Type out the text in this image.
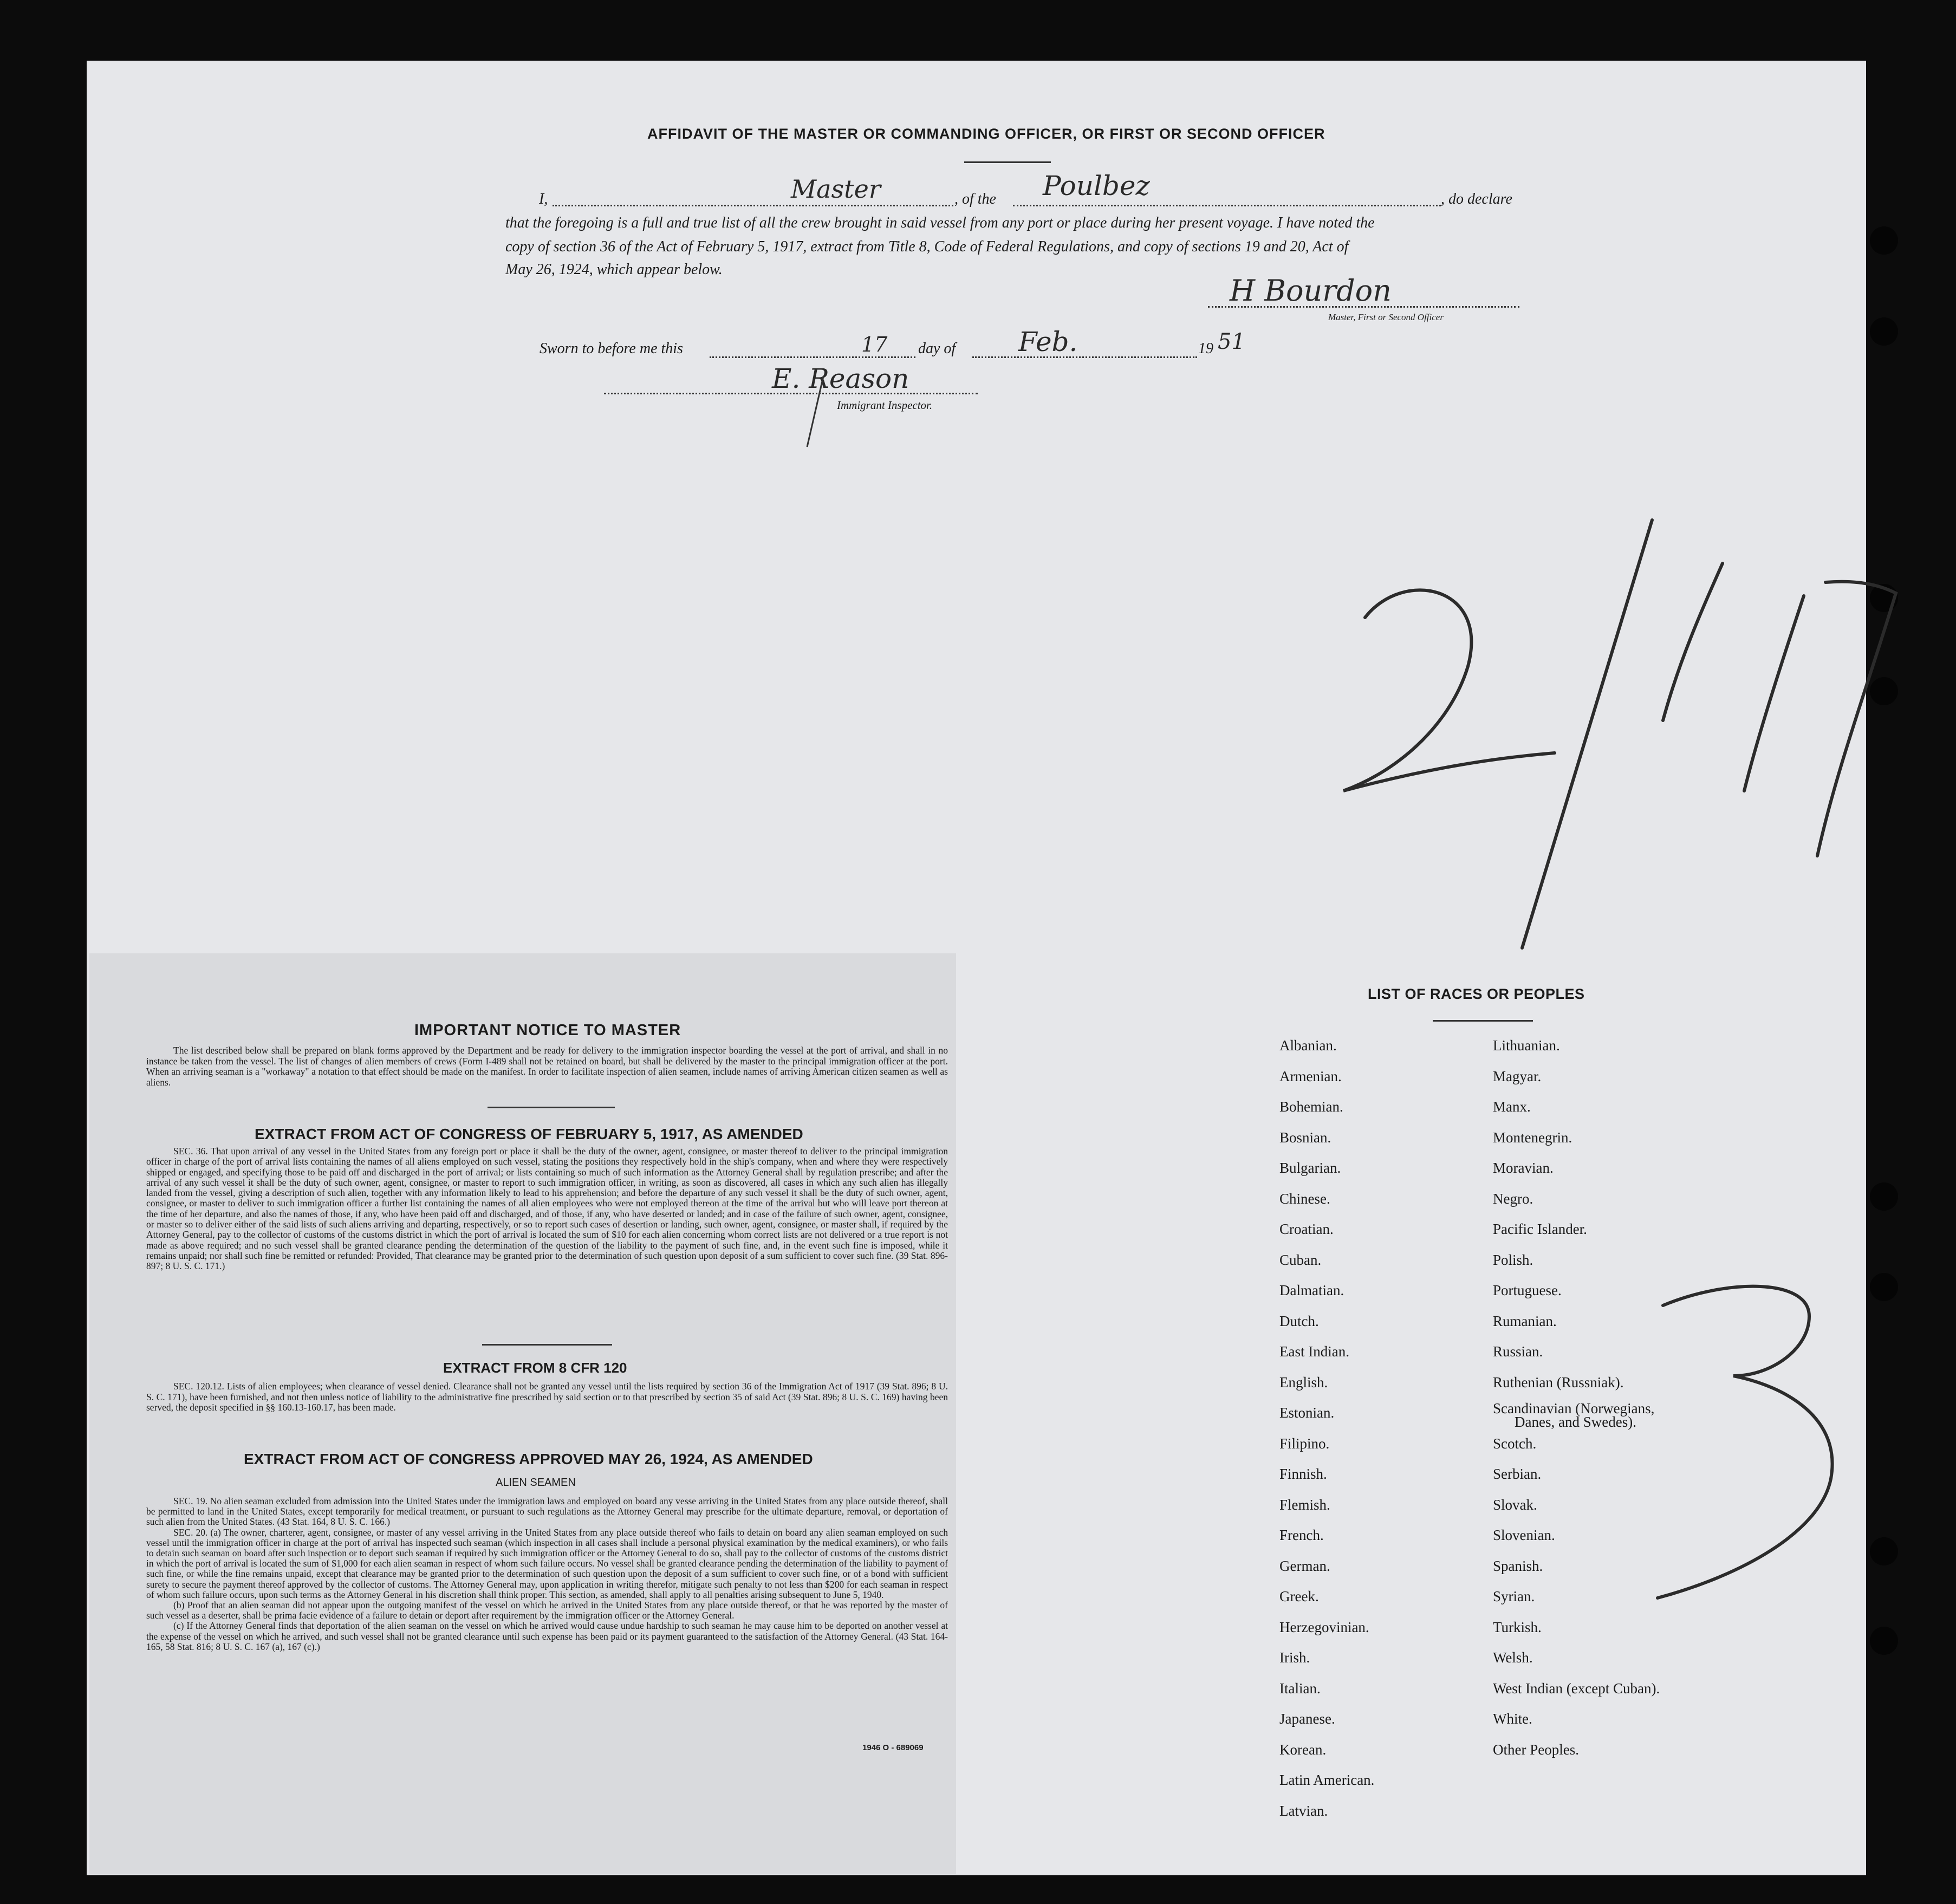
AFFIDAVIT OF THE MASTER OR COMMANDING OFFICER, OR FIRST OR SECOND OFFICER
I,	Master	, of the Poulbez	, do declare
that the foregoing is a full and true list of all the crew brought in said vessel from any port or place during her present voyage. I have noted the
copy of section 36 of the Act of February 5, 1917, extract from Title 8, Code of Federal Regulations, and copy of sections 19 and 20, Act of
May 26, 1924, which appear below.
H Bourdon
Master, First or Second Officer
Sworn to before me this	17 day of Feb.	19 51
E. Reason
Immigrant Inspector.
2/17
3
IMPORTANT NOTICE TO MASTER

The list described below shall be prepared on blank forms approved by the Department and be ready for delivery to the immigration inspector boarding the vessel at the port of arrival, and shall in no instance be taken from the vessel. The list of changes of alien members of crews (Form I-489 shall not be retained on board, but shall be delivered by the master to the principal immigration officer at the port. When an arriving seaman is a "workaway" a notation to that effect should be made on the manifest. In order to facilitate inspection of alien seamen, include names of arriving American citizen seamen as well as aliens.

EXTRACT FROM ACT OF CONGRESS OF FEBRUARY 5, 1917, AS AMENDED

SEC. 36. That upon arrival of any vessel in the United States from any foreign port or place it shall be the duty of the owner, agent, consignee, or master thereof to deliver to the principal immigration officer in charge of the port of arrival lists containing the names of all aliens employed on such vessel, stating the positions they respectively hold in the ship's company, when and where they were respectively shipped or engaged, and specifying those to be paid off and discharged in the port of arrival; or lists containing so much of such information as the Attorney General shall by regulation prescribe; and after the arrival of any such vessel it shall be the duty of such owner, agent, consignee, or master to report to such immigration officer, in writing, as soon as discovered, all cases in which any such alien has illegally landed from the vessel, giving a description of such alien, together with any information likely to lead to his apprehension; and before the departure of any such vessel it shall be the duty of such owner, agent, consignee, or master to deliver to such immigration officer a further list containing the names of all alien employees who were not employed thereon at the time of the arrival but who will leave port thereon at the time of her departure, and also the names of those, if any, who have been paid off and discharged, and of those, if any, who have deserted or landed; and in case of the failure of such owner, agent, consignee, or master so to deliver either of the said lists of such aliens arriving and departing, respectively, or so to report such cases of desertion or landing, such owner, agent, consignee, or master shall, if required by the Attorney General, pay to the collector of customs of the customs district in which the port of arrival is located the sum of $10 for each alien concerning whom correct lists are not delivered or a true report is not made as above required; and no such vessel shall be granted clearance pending the determination of the question of the liability to the payment of such fine, and, in the event such fine is imposed, while it remains unpaid; nor shall such fine be remitted or refunded: Provided, That clearance may be granted prior to the determination of such question upon deposit of a sum sufficient to cover such fine. (39 Stat. 896-897; 8 U. S. C. 171.)

EXTRACT FROM 8 CFR 120

SEC. 120.12. Lists of alien employees; when clearance of vessel denied. Clearance shall not be granted any vessel until the lists required by section 36 of the Immigration Act of 1917 (39 Stat. 896; 8 U. S. C. 171), have been furnished, and not then unless notice of liability to the administrative fine prescribed by said section or to that prescribed by section 35 of said Act (39 Stat. 896; 8 U. S. C. 169) having been served, the deposit specified in §§ 160.13-160.17, has been made.

EXTRACT FROM ACT OF CONGRESS APPROVED MAY 26, 1924, AS AMENDED
ALIEN SEAMEN

SEC. 19. No alien seaman excluded from admission into the United States under the immigration laws and employed on board any vesse arriving in the United States from any place outside thereof, shall be permitted to land in the United States, except temporarily for medical treatment, or pursuant to such regulations as the Attorney General may prescribe for the ultimate departure, removal, or deportation of such alien from the United States. (43 Stat. 164, 8 U. S. C. 166.)

SEC. 20. (a) The owner, charterer, agent, consignee, or master of any vessel arriving in the United States from any place outside thereof who fails to detain on board any alien seaman employed on such vessel until the immigration officer in charge at the port of arrival has inspected such seaman (which inspection in all cases shall include a personal physical examination by the medical examiners), or who fails to detain such seaman on board after such inspection or to deport such seaman if required by such immigration officer or the Attorney General to do so, shall pay to the collector of customs of the customs district in which the port of arrival is located the sum of $1,000 for each alien seaman in respect of whom such failure occurs. No vessel shall be granted clearance pending the determination of the liability to payment of such fine, or while the fine remains unpaid, except that clearance may be granted prior to the determination of such question upon the deposit of a sum sufficient to cover such fine, or of a bond with sufficient surety to secure the payment thereof approved by the collector of customs. The Attorney General may, upon application in writing therefor, mitigate such penalty to not less than $200 for each seaman in respect of whom such failure occurs, upon such terms as the Attorney General in his discretion shall think proper. This section, as amended, shall apply to all penalties arising subsequent to June 5, 1940.

(b) Proof that an alien seaman did not appear upon the outgoing manifest of the vessel on which he arrived in the United States from any place outside thereof, or that he was reported by the master of such vessel as a deserter, shall be prima facie evidence of a failure to detain or deport after requirement by the immigration officer or the Attorney General.

(c) If the Attorney General finds that deportation of the alien seaman on the vessel on which he arrived would cause undue hardship to such seaman he may cause him to be deported on another vessel at the expense of the vessel on which he arrived, and such vessel shall not be granted clearance until such expense has been paid or its payment guaranteed to the satisfaction of the Attorney General. (43 Stat. 164-165, 58 Stat. 816; 8 U. S. C. 167 (a), 167 (c).)

1946 O - 689069
LIST OF RACES OR PEOPLES
Albanian.
Armenian.
Bohemian.
Bosnian.
Bulgarian.
Chinese.
Croatian.
Cuban.
Dalmatian.
Dutch.
East Indian.
English.
Estonian.
Filipino.
Finnish.
Flemish.
French.
German.
Greek.
Herzegovinian.
Irish.
Italian.
Japanese.
Korean.
Latin American.
Latvian.
Lithuanian.
Magyar.
Manx.
Montenegrin.
Moravian.
Negro.
Pacific Islander.
Polish.
Portuguese.
Rumanian.
Russian.
Ruthenian (Russniak).
Scandinavian (Norwegians,
Danes, and Swedes).
Scotch.
Serbian.
Slovak.
Slovenian.
Spanish.
Syrian.
Turkish.
Welsh.
West Indian (except Cuban).
White.
Other Peoples.
